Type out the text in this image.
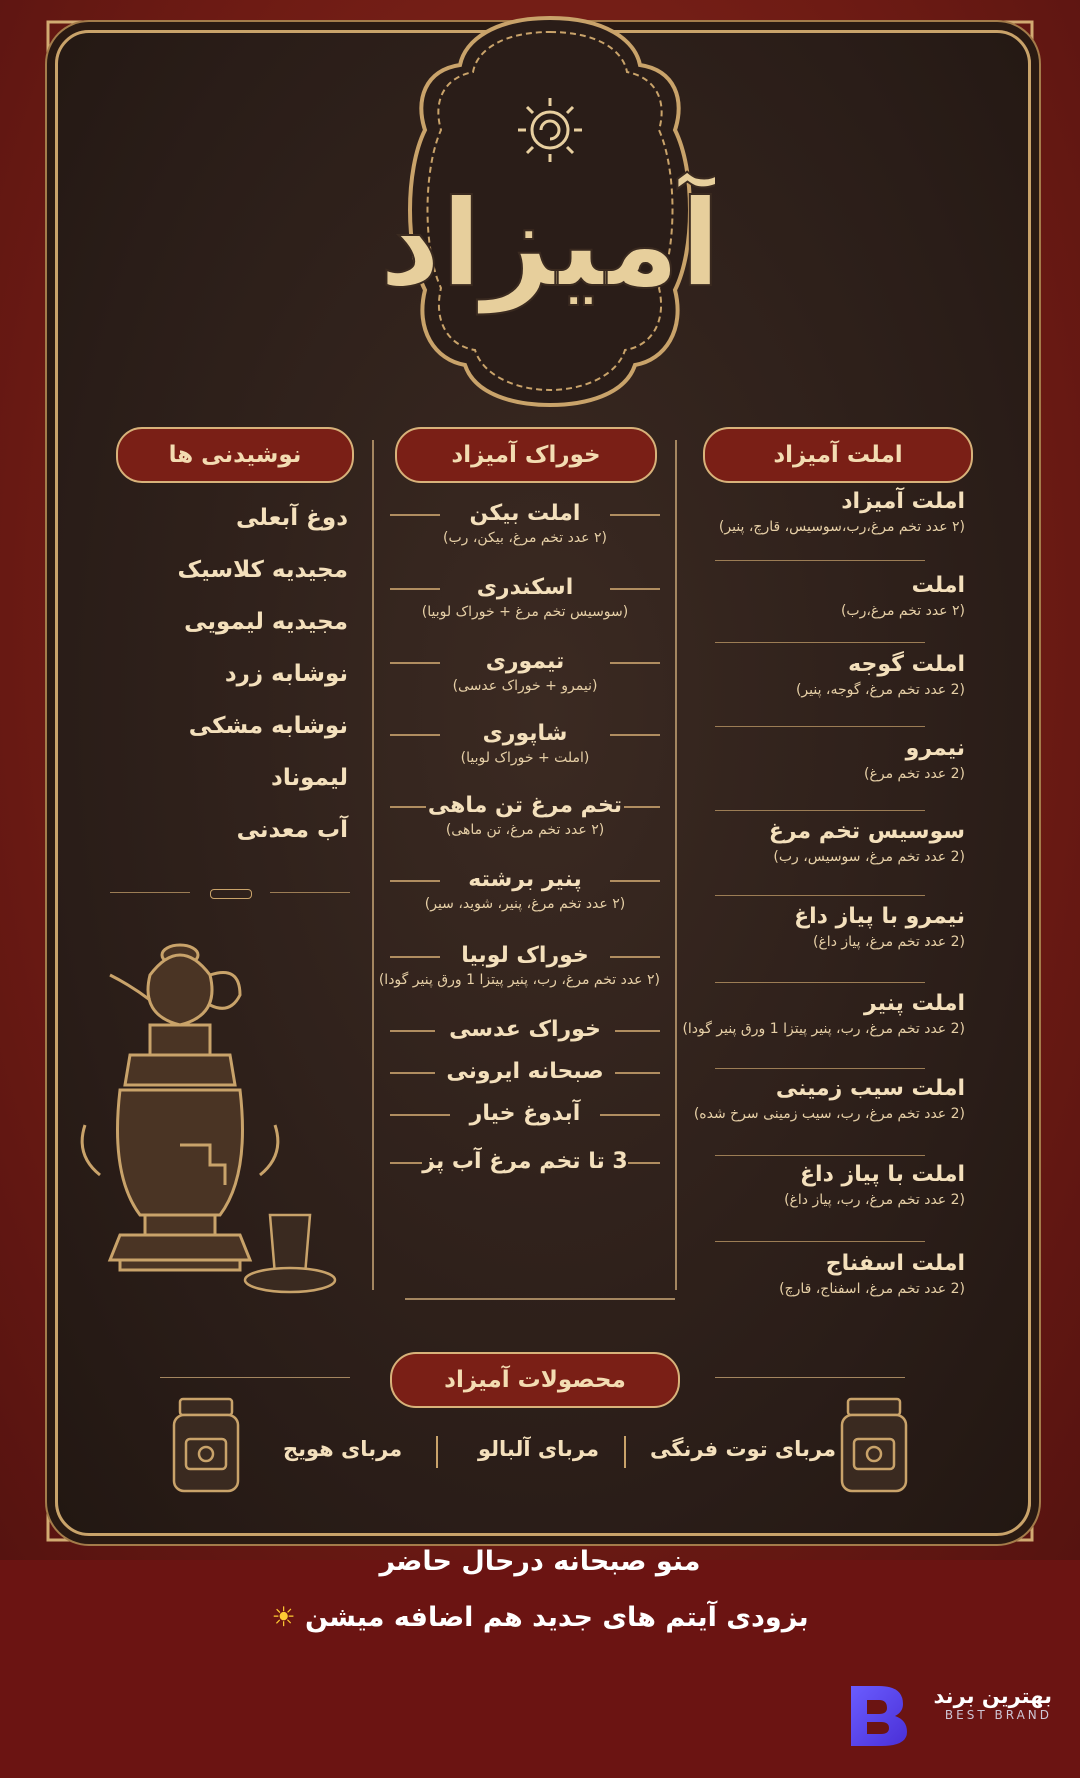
آمیزاد
املت آمیزاد
خوراک آمیزاد
نوشیدنی ها
املت آمیزاد
(۲ عدد تخم مرغ،رب،سوسیس، قارچ، پنیر)
املت
(۲ عدد تخم مرغ،رب)
املت گوجه
(2 عدد تخم مرغ، گوجه، پنیر)
نیمرو
(2 عدد تخم مرغ)
سوسیس تخم مرغ
(2 عدد تخم مرغ، سوسیس، رب)
نیمرو با پیاز داغ
(2 عدد تخم مرغ، پیاز داغ)
املت پنیر
(2 عدد تخم مرغ، رب، پنیر پیتزا 1 ورق پنیر گودا)
املت سیب زمینی
(2 عدد تخم مرغ، رب، سیب زمینی سرخ شده)
املت با پیاز داغ
(2 عدد تخم مرغ، رب، پیاز داغ)
املت اسفناج
(2 عدد تخم مرغ، اسفناج، قارچ)
املت بیکن
(۲ عدد تخم مرغ، بیکن، رب)
اسکندری
(سوسیس تخم مرغ + خوراک لوبیا)
تیموری
(نیمرو + خوراک عدسی)
شاپوری
(املت + خوراک لوبیا)
تخم مرغ تن ماهی
(۲ عدد تخم مرغ، تن ماهی)
پنیر برشته
(۲ عدد تخم مرغ، پنیر، شوید، سیر)
خوراک لوبیا
(۲ عدد تخم مرغ، رب، پنیر پیتزا 1 ورق پنیر گودا)
خوراک عدسی
صبحانه ایرونی
آبدوغ خیار
3 تا تخم مرغ آب پز
دوغ آبعلی
مجیدیه کلاسیک
مجیدیه لیمویی
نوشابه زرد
نوشابه مشکی
لیموناد
آب معدنی
محصولات آمیزاد
مربای توت فرنگی
مربای آلبالو
مربای هویج
منو صبحانه درحال حاضر
بزودی آیتم های جدید هم اضافه میشن ☀
بهترین برند
BEST BRAND
